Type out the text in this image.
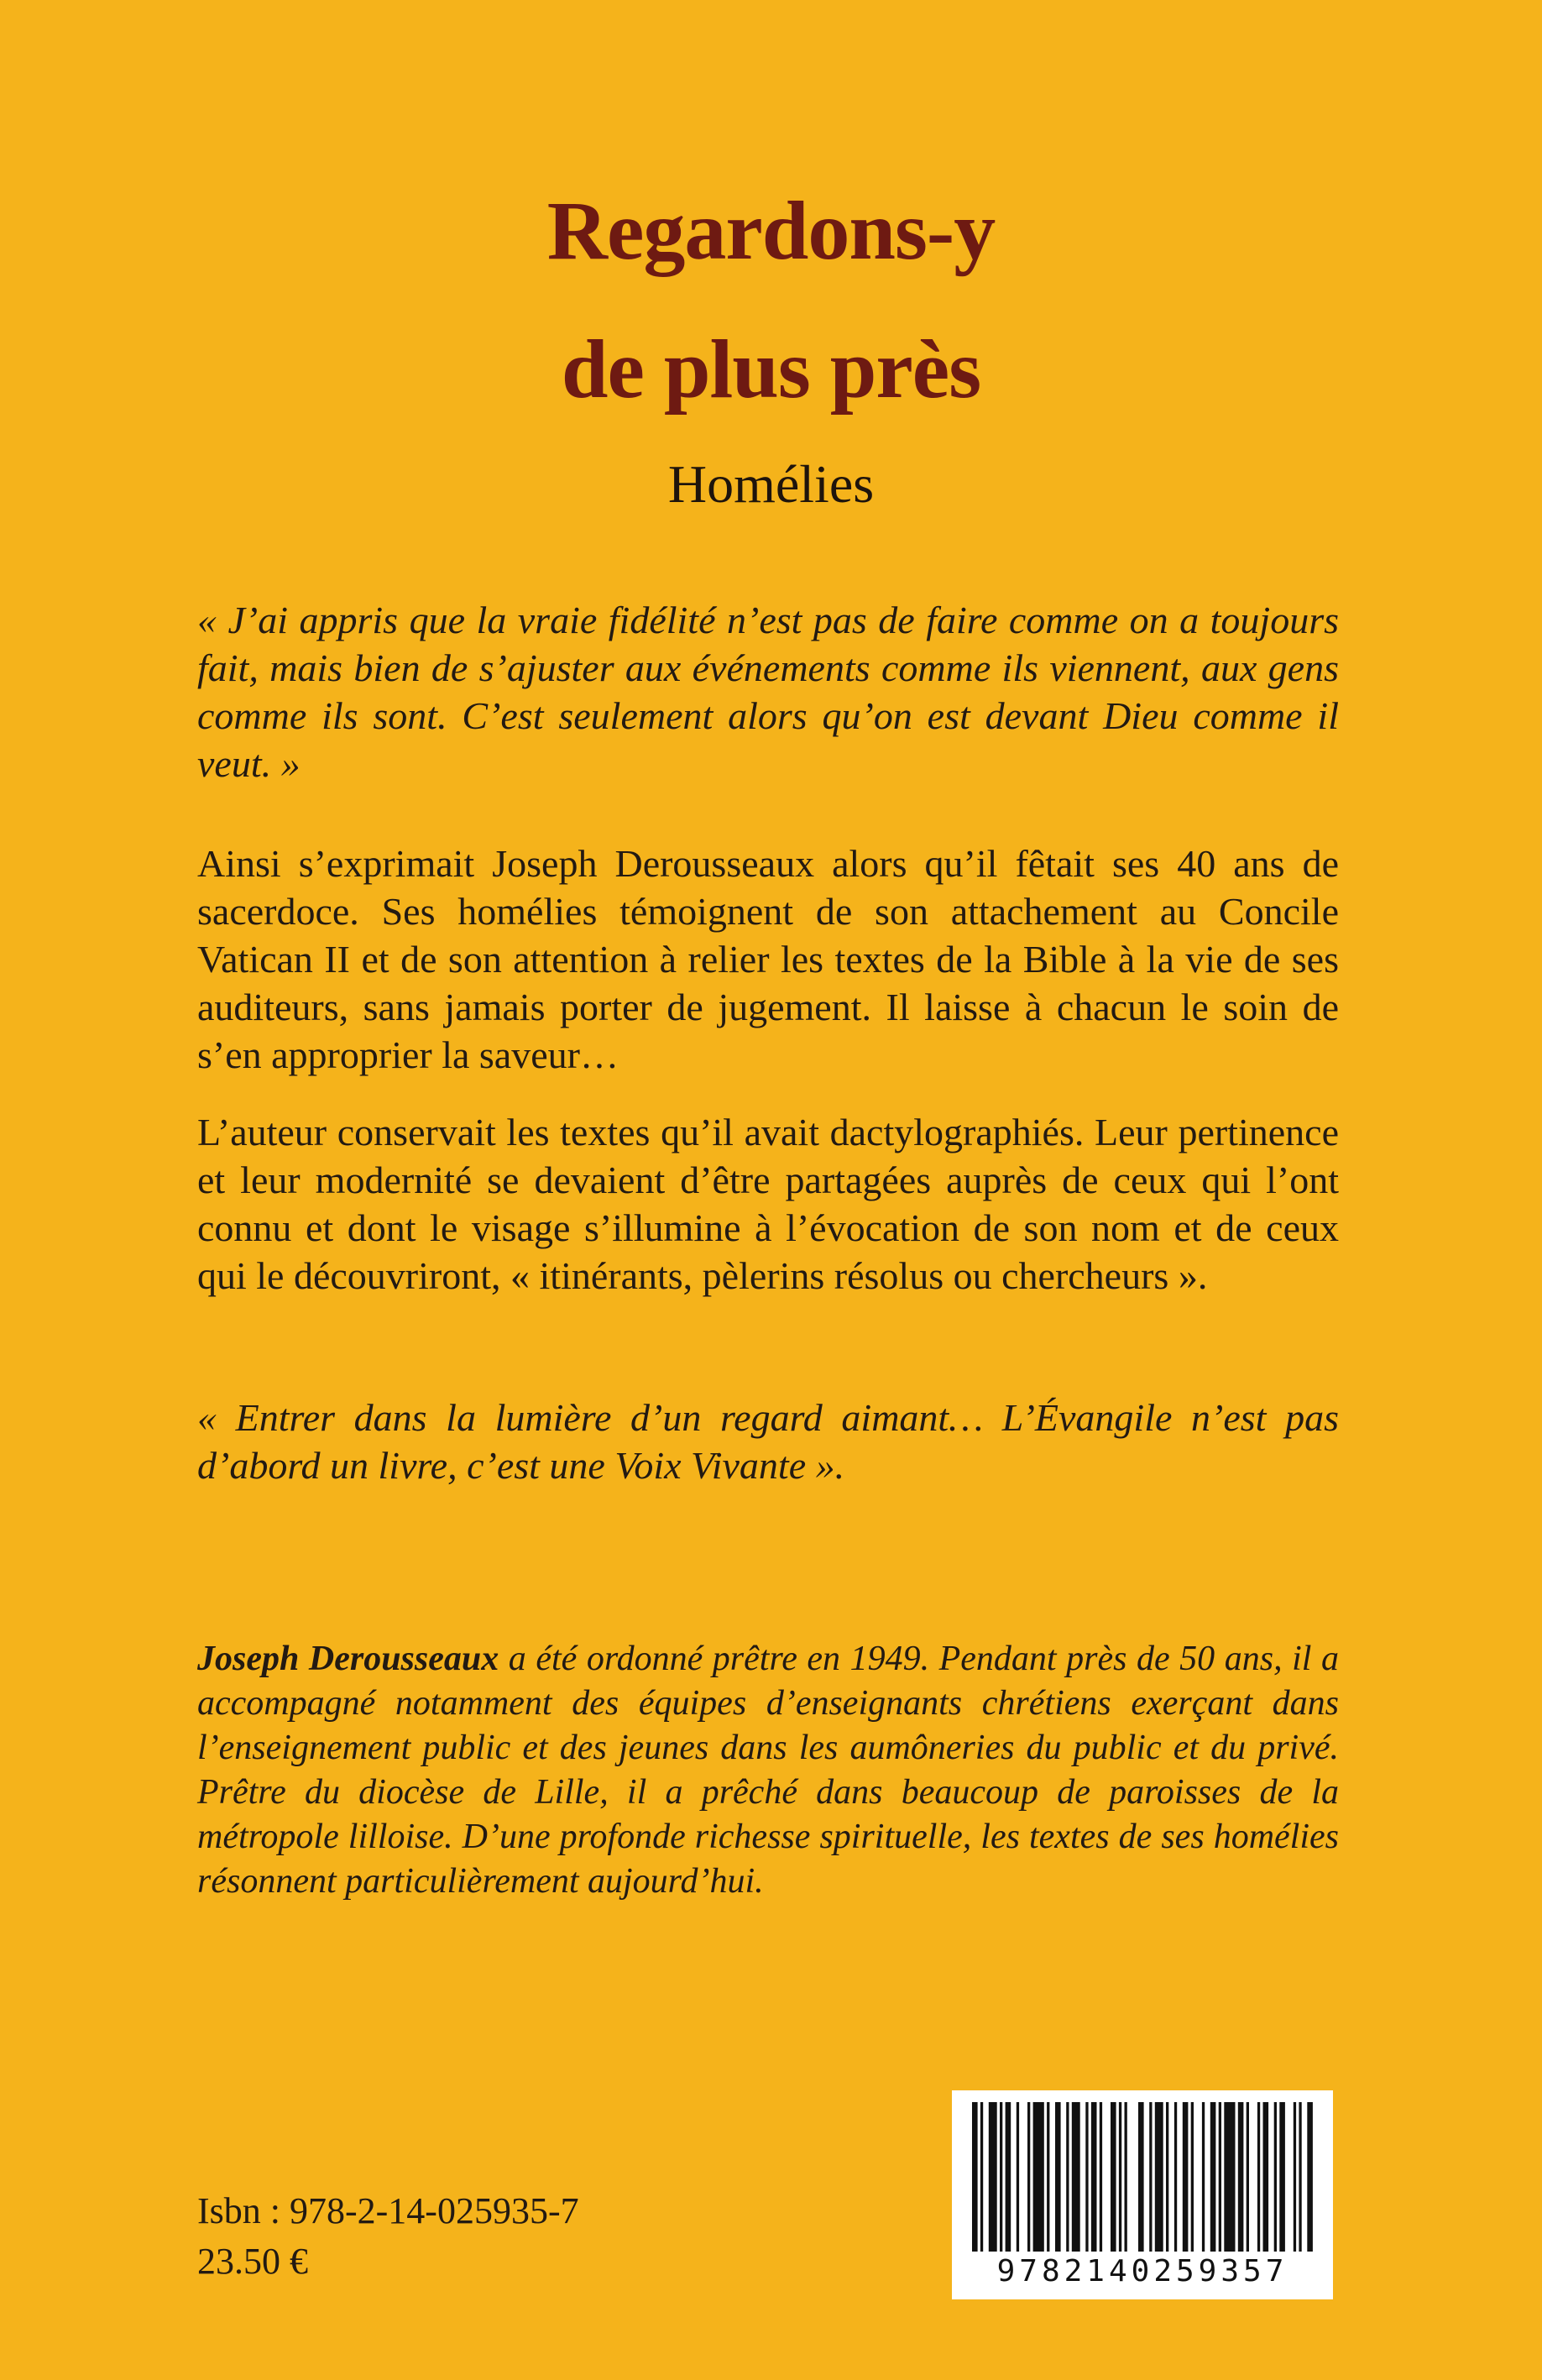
Regardons-y
de plus près
Homélies
« J’ai appris que la vraie fidélité n’est pas de faire comme on a toujours fait, mais bien de s’ajuster aux événements comme ils viennent, aux gens comme ils sont. C’est seulement alors qu’on est devant Dieu comme il veut. »
Ainsi s’exprimait Joseph Derousseaux alors qu’il fêtait ses 40 ans de sacerdoce. Ses homélies témoignent de son attachement au Concile Vatican II et de son attention à relier les textes de la Bible à la vie de ses auditeurs, sans jamais porter de jugement. Il laisse à chacun le soin de s’en approprier la saveur…
L’auteur conservait les textes qu’il avait dactylographiés. Leur pertinence et leur modernité se devaient d’être partagées auprès de ceux qui l’ont connu et dont le visage s’illumine à l’évocation de son nom et de ceux qui le découvriront, « itinérants, pèlerins résolus ou chercheurs ».
« Entrer dans la lumière d’un regard aimant… L’Évangile n’est pas d’abord un livre, c’est une Voix Vivante ».
Joseph Derousseaux a été ordonné prêtre en 1949. Pendant près de 50 ans, il a accompagné notamment des équipes d’enseignants chrétiens exerçant dans l’enseignement public et des jeunes dans les aumôneries du public et du privé. Prêtre du diocèse de Lille, il a prêché dans beaucoup de paroisses de la métropole lilloise. D’une profonde richesse spirituelle, les textes de ses homélies résonnent particulièrement aujourd’hui.
Isbn : 978-2-14-025935-7
23.50 €	9782140259357
